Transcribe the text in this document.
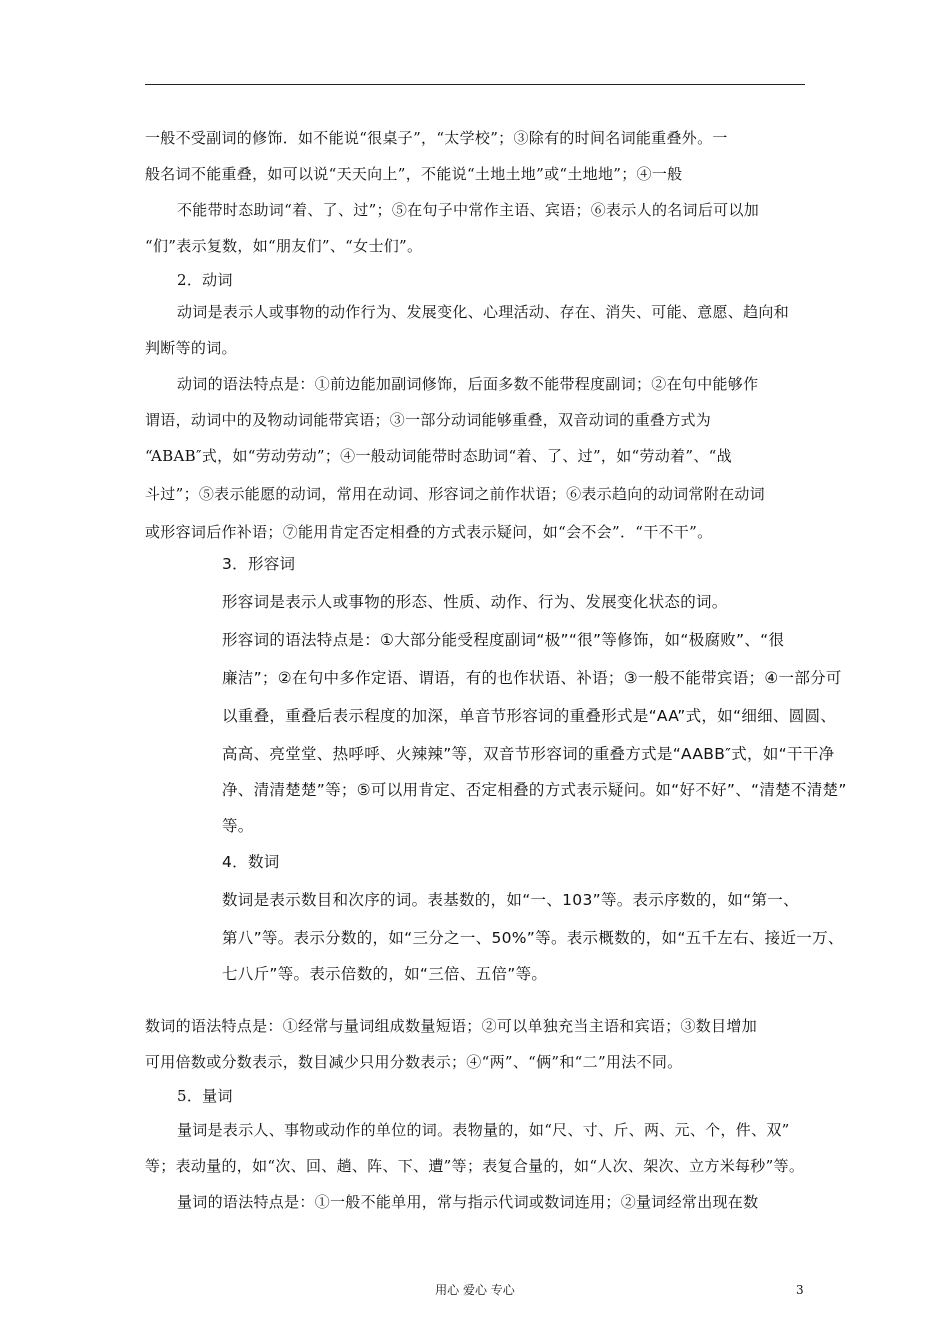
一般不受副词的修饰．如不能说“很桌子”，“太学校”；③除有的时间名词能重叠外。一
般名词不能重叠，如可以说“天天向上”，不能说“土地土地”或“土地地”；④一般
不能带时态助词“着、了、过”；⑤在句子中常作主语、宾语；⑥表示人的名词后可以加
“们”表示复数，如“朋友们”、“女士们”。
2．动词
动词是表示人或事物的动作行为、发展变化、心理活动、存在、消失、可能、意愿、趋向和
判断等的词。
动词的语法特点是：①前边能加副词修饰，后面多数不能带程度副词；②在句中能够作
谓语，动词中的及物动词能带宾语；③一部分动词能够重叠，双音动词的重叠方式为
“ABAB″式，如“劳动劳动”；④一般动词能带时态助词“着、了、过”，如“劳动着”、“战
斗过”；⑤表示能愿的动词，常用在动词、形容词之前作状语；⑥表示趋向的动词常附在动词
或形容词后作补语；⑦能用肯定否定相叠的方式表示疑问，如“会不会”．“干不干”。
3．形容词
形容词是表示人或事物的形态、性质、动作、行为、发展变化状态的词。
形容词的语法特点是：①大部分能受程度副词“极”“很”等修饰，如“极腐败”、“很
廉洁”；②在句中多作定语、谓语，有的也作状语、补语；③一般不能带宾语；④一部分可
以重叠，重叠后表示程度的加深，单音节形容词的重叠形式是“AA”式，如“细细、圆圆、
高高、亮堂堂、热呼呼、火辣辣”等，双音节形容词的重叠方式是“AABB″式，如“干干净
净、清清楚楚”等；⑤可以用肯定、否定相叠的方式表示疑问。如“好不好”、“清楚不清楚”
等。
4．数词
数词是表示数目和次序的词。表基数的，如“一、103”等。表示序数的，如“第一、
第八”等。表示分数的，如“三分之一、50%”等。表示概数的，如“五千左右、接近一万、
七八斤”等。表示倍数的，如“三倍、五倍”等。
数词的语法特点是：①经常与量词组成数量短语；②可以单独充当主语和宾语；③数目增加
可用倍数或分数表示，数目减少只用分数表示；④“两”、“俩”和“二”用法不同。
5．量词
量词是表示人、事物或动作的单位的词。表物量的，如“尺、寸、斤、两、元、个，件、双”
等；表动量的，如“次、回、趟、阵、下、遭”等；表复合量的，如“人次、架次、立方米每秒”等。
量词的语法特点是：①一般不能单用，常与指示代词或数词连用；②量词经常出现在数
用心 爱心 专心	3
